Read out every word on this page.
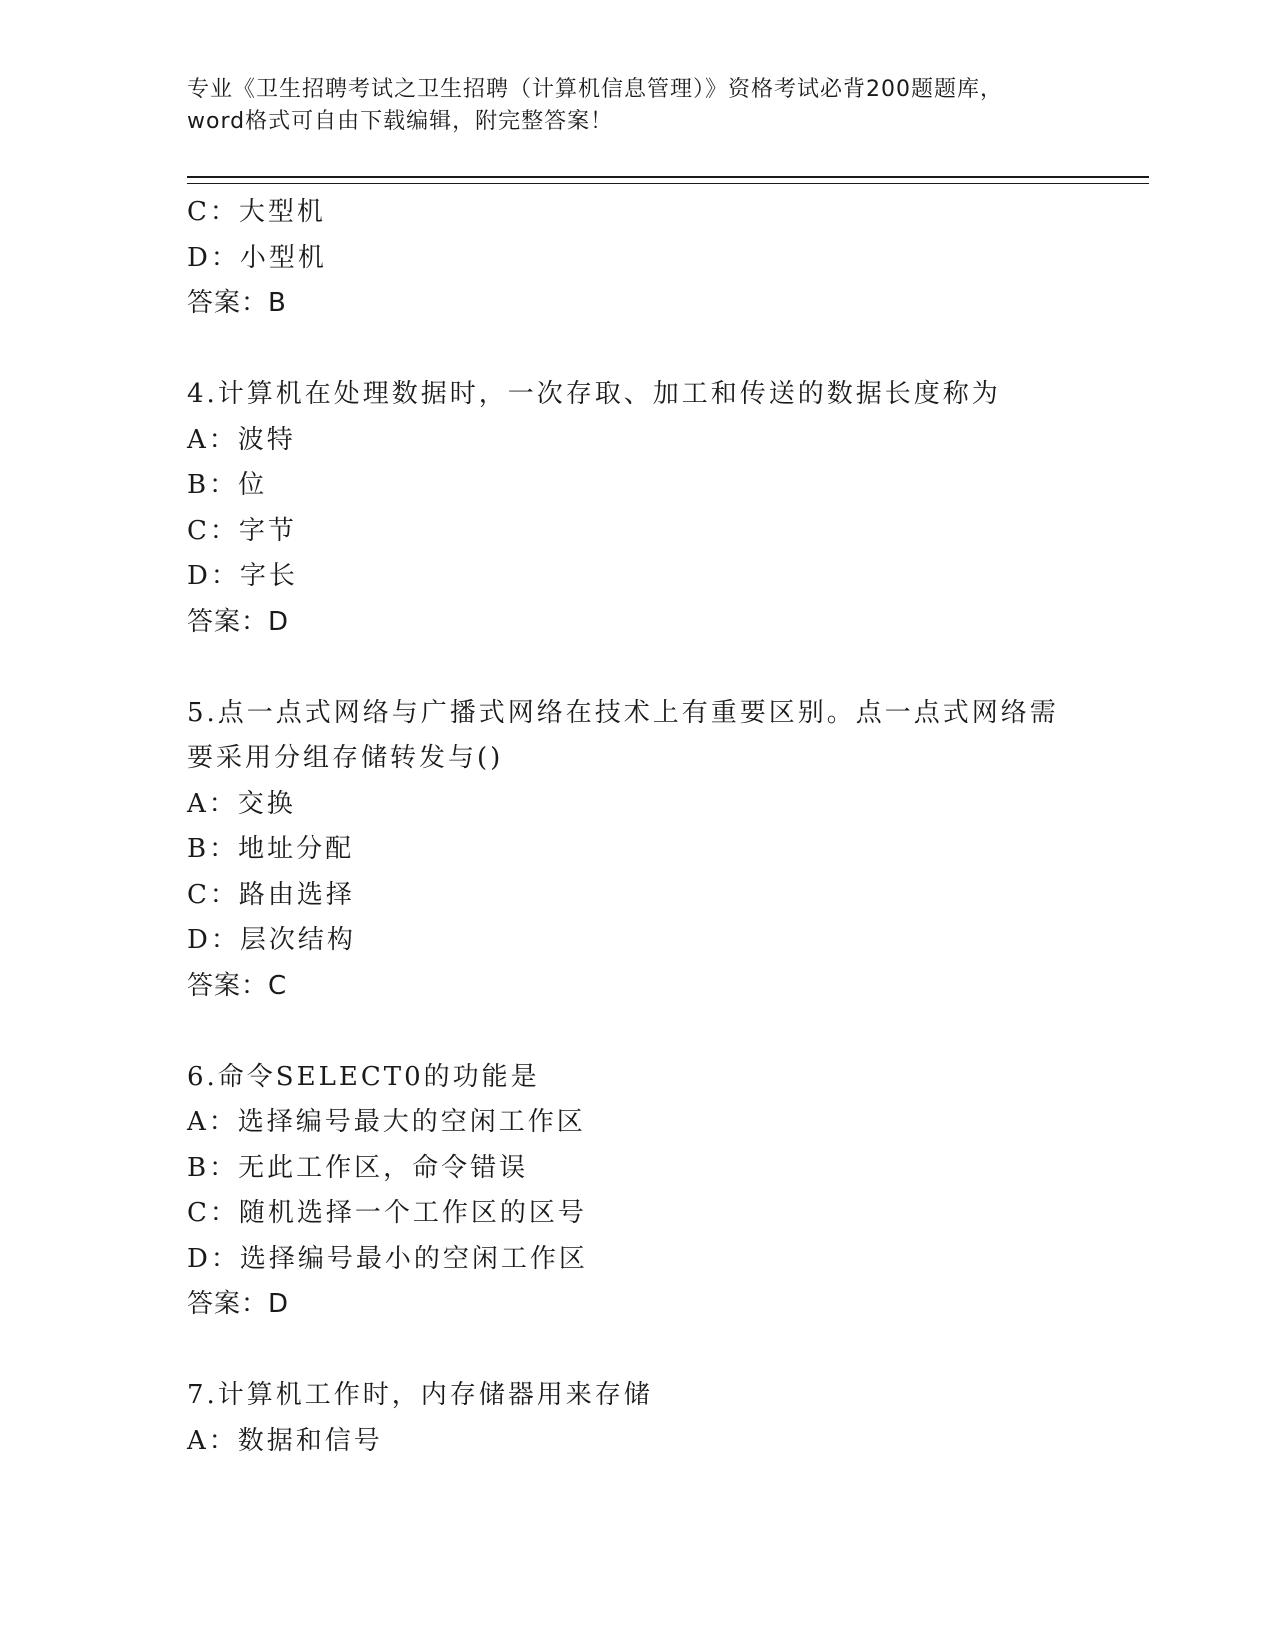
专业《卫生招聘考试之卫生招聘（计算机信息管理）》资格考试必背200题题库，
word格式可自由下载编辑，附完整答案！
C：大型机
D：小型机
答案：B
4.计算机在处理数据时，一次存取、加工和传送的数据长度称为
A：波特
B：位
C：字节
D：字长
答案：D
5.点一点式网络与广播式网络在技术上有重要区别。点一点式网络需
要采用分组存储转发与()
A：交换
B：地址分配
C：路由选择
D：层次结构
答案：C
6.命令SELECT0的功能是
A：选择编号最大的空闲工作区
B：无此工作区，命令错误
C：随机选择一个工作区的区号
D：选择编号最小的空闲工作区
答案：D
7.计算机工作时，内存储器用来存储
A：数据和信号
